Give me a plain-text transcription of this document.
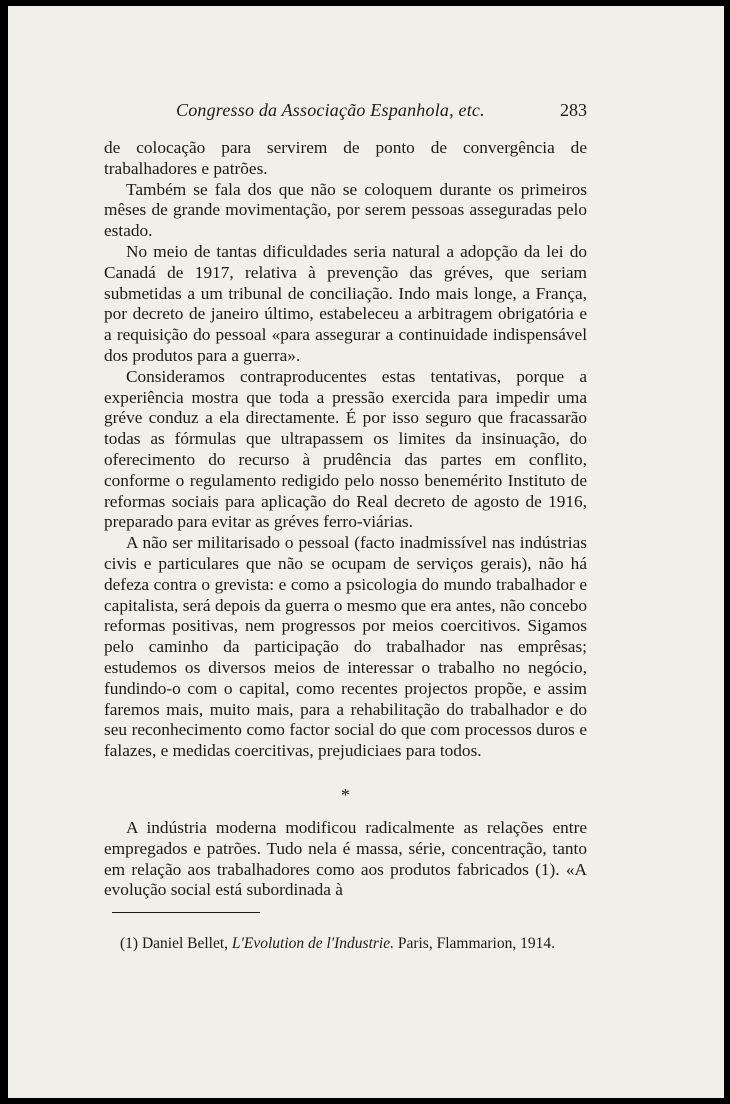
Congresso da Associação Espanhola, etc.	283

de colocação para servirem de ponto de convergência de trabalhadores e patrões.

Também se fala dos que não se coloquem durante os primeiros mêses de grande movimentação, por serem pessoas asseguradas pelo estado.

No meio de tantas dificuldades seria natural a adopção da lei do Canadá de 1917, relativa à prevenção das gréves, que seriam submetidas a um tribunal de conciliação. Indo mais longe, a França, por decreto de janeiro último, estabeleceu a arbitragem obrigatória e a requisição do pessoal «para assegurar a continuidade indispensável dos produtos para a guerra».

Consideramos contraproducentes estas tentativas, porque a experiência mostra que toda a pressão exercida para impedir uma gréve conduz a ela directamente. É por isso seguro que fracassarão todas as fórmulas que ultrapassem os limites da insinuação, do oferecimento do recurso à prudência das partes em conflito, conforme o regulamento redigido pelo nosso benemérito Instituto de reformas sociais para aplicação do Real decreto de agosto de 1916, preparado para evitar as gréves ferro-viárias.

A não ser militarisado o pessoal (facto inadmissível nas indústrias civis e particulares que não se ocupam de serviços gerais), não há defeza contra o grevista: e como a psicologia do mundo trabalhador e capitalista, será depois da guerra o mesmo que era antes, não concebo reformas positivas, nem progressos por meios coercitivos. Sigamos pelo caminho da participação do trabalhador nas emprêsas; estudemos os diversos meios de interessar o trabalho no negócio, fundindo-o com o capital, como recentes projectos propõe, e assim faremos mais, muito mais, para a rehabilitação do trabalhador e do seu reconhecimento como factor social do que com processos duros e falazes, e medidas coercitivas, prejudiciaes para todos.

*

A indústria moderna modificou radicalmente as relações entre empregados e patrões. Tudo nela é massa, série, concentração, tanto em relação aos trabalhadores como aos produtos fabricados (1). «A evolução social está subordinada à

(1) Daniel Bellet, L'Evolution de l'Industrie. Paris, Flammarion, 1914.
